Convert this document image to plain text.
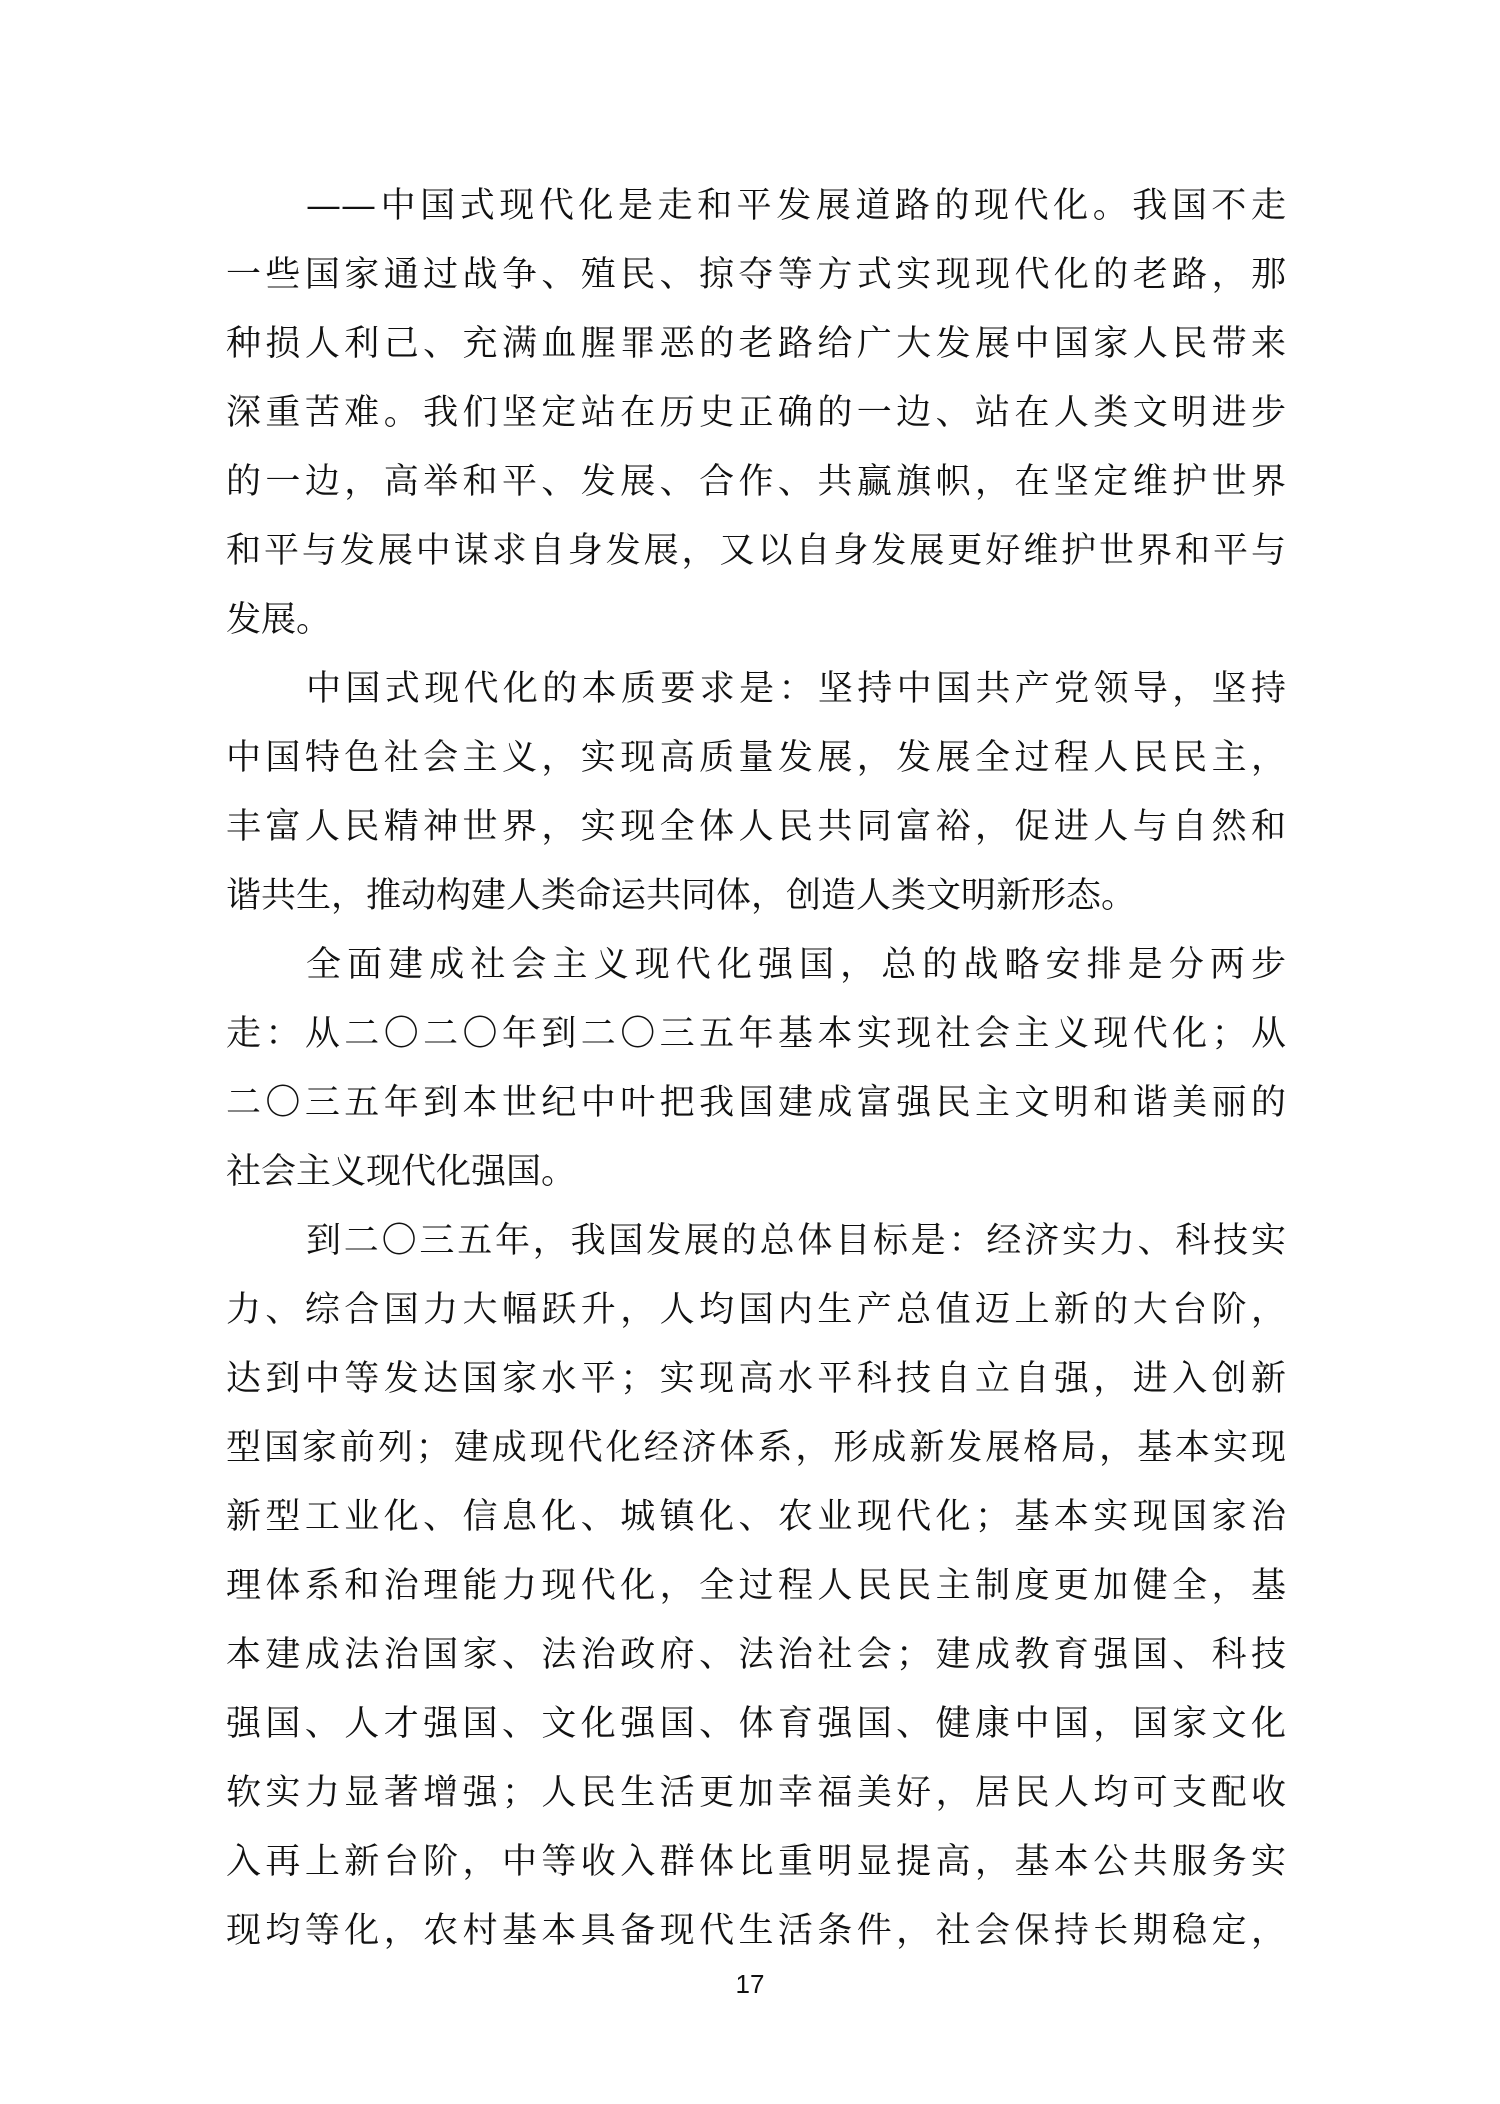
——中国式现代化是走和平发展道路的现代化。我国不走
一些国家通过战争、殖民、掠夺等方式实现现代化的老路，那
种损人利己、充满血腥罪恶的老路给广大发展中国家人民带来
深重苦难。我们坚定站在历史正确的一边、站在人类文明进步
的一边，高举和平、发展、合作、共赢旗帜，在坚定维护世界
和平与发展中谋求自身发展，又以自身发展更好维护世界和平与
发展。
中国式现代化的本质要求是：坚持中国共产党领导，坚持
中国特色社会主义，实现高质量发展，发展全过程人民民主，
丰富人民精神世界，实现全体人民共同富裕，促进人与自然和
谐共生，推动构建人类命运共同体，创造人类文明新形态。
全面建成社会主义现代化强国，总的战略安排是分两步
走：从二〇二〇年到二〇三五年基本实现社会主义现代化；从
二〇三五年到本世纪中叶把我国建成富强民主文明和谐美丽的
社会主义现代化强国。
到二〇三五年，我国发展的总体目标是：经济实力、科技实
力、综合国力大幅跃升，人均国内生产总值迈上新的大台阶，
达到中等发达国家水平；实现高水平科技自立自强，进入创新
型国家前列；建成现代化经济体系，形成新发展格局，基本实现
新型工业化、信息化、城镇化、农业现代化；基本实现国家治
理体系和治理能力现代化，全过程人民民主制度更加健全，基
本建成法治国家、法治政府、法治社会；建成教育强国、科技
强国、人才强国、文化强国、体育强国、健康中国，国家文化
软实力显著增强；人民生活更加幸福美好，居民人均可支配收
入再上新台阶，中等收入群体比重明显提高，基本公共服务实
现均等化，农村基本具备现代生活条件，社会保持长期稳定，
17
